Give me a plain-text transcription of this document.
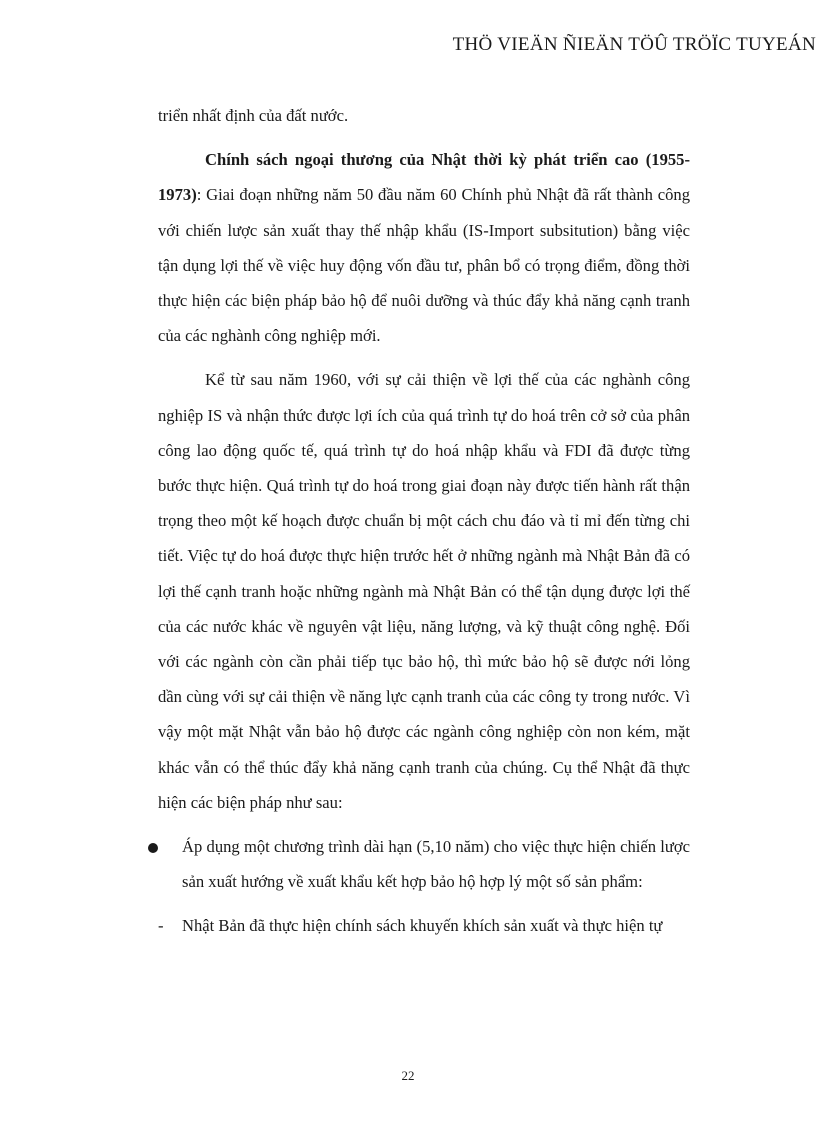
THÖ VIEÄN ÑIEÄN TÖÛ TRÖÏC TUYEÁN

triển nhất định của đất nước.

Chính sách ngoại thương của Nhật thời kỳ phát triển cao (1955-1973): Giai đoạn những năm 50 đầu năm 60 Chính phủ Nhật đã rất thành công với chiến lược sản xuất thay thế nhập khẩu (IS-Import subsitution) bằng việc tận dụng lợi thế về việc huy động vốn đầu tư, phân bổ có trọng điểm, đồng thời thực hiện các biện pháp bảo hộ để nuôi dưỡng và thúc đẩy khả năng cạnh tranh của các nghành công nghiệp mới.

Kể từ sau năm 1960, với sự cải thiện về lợi thế của các nghành công nghiệp IS và nhận thức được lợi ích của quá trình tự do hoá trên cở sở của phân công lao động quốc tế, quá trình tự do hoá nhập khẩu và FDI đã được từng bước thực hiện. Quá trình tự do hoá trong giai đoạn này được tiến hành rất thận trọng theo một kế hoạch được chuẩn bị một cách chu đáo và tỉ mỉ đến từng chi tiết. Việc tự do hoá được thực hiện trước hết ở những ngành mà Nhật Bản đã có lợi thế cạnh tranh hoặc những ngành mà Nhật Bản có thể tận dụng được lợi thế của các nước khác về nguyên vật liệu, năng lượng, và kỹ thuật công nghệ. Đối với các ngành còn cần phải tiếp tục bảo hộ, thì mức bảo hộ sẽ được nới lỏng dần cùng với sự cải thiện về năng lực cạnh tranh của các công ty trong nước. Vì vậy một mặt Nhật vẫn bảo hộ được các ngành công nghiệp còn non kém, mặt khác vẫn có thể thúc đẩy khả năng cạnh tranh của chúng. Cụ thể Nhật đã thực hiện các biện pháp như sau:

Áp dụng một chương trình dài hạn (5,10 năm) cho việc thực hiện chiến lược sản xuất hướng về xuất khẩu kết hợp bảo hộ hợp lý một số sản phẩm:
- Nhật Bản đã thực hiện chính sách khuyến khích sản xuất và thực hiện tự
22
